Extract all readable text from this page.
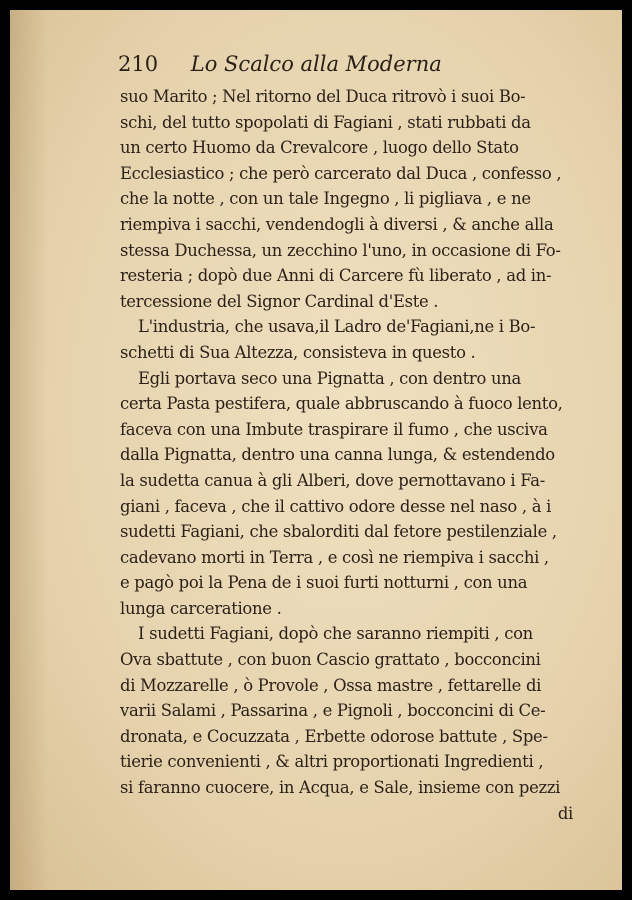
210 Lo Scalco alla Moderna
suo Marito ; Nel ritorno del Duca ritrovò i suoi Bo-
schi, del tutto spopolati di Fagiani , stati rubbati da
un certo Huomo da Crevalcore , luogo dello Stato
Ecclesiastico ; che però carcerato dal Duca , confesso ,
che la notte , con un tale Ingegno , li pigliava , e ne
riempiva i sacchi, vendendogli à diversi , & anche alla
stessa Duchessa, un zecchino l'uno, in occasione di Fo-
resteria ; dopò due Anni di Carcere fù liberato , ad in-
tercessione del Signor Cardinal d'Este .
L'industria, che usava,il Ladro de'Fagiani,ne i Bo-
schetti di Sua Altezza, consisteva in questo .
Egli portava seco una Pignatta , con dentro una
certa Pasta pestifera, quale abbruscando à fuoco lento,
faceva con una Imbute traspirare il fumo , che usciva
dalla Pignatta, dentro una canna lunga, & estendendo
la sudetta canua à gli Alberi, dove pernottavano i Fa-
giani , faceva , che il cattivo odore desse nel naso , à i
sudetti Fagiani, che sbalorditi dal fetore pestilenziale ,
cadevano morti in Terra , e così ne riempiva i sacchi ,
e pagò poi la Pena de i suoi furti notturni , con una
lunga carceratione .
I sudetti Fagiani, dopò che saranno riempiti , con
Ova sbattute , con buon Cascio grattato , bocconcini
di Mozzarelle , ò Provole , Ossa mastre , fettarelle di
varii Salami , Passarina , e Pignoli , bocconcini di Ce-
dronata, e Cocuzzata , Erbette odorose battute , Spe-
tierie convenienti , & altri proportionati Ingredienti ,
si faranno cuocere, in Acqua, e Sale, insieme con pezzi
di
